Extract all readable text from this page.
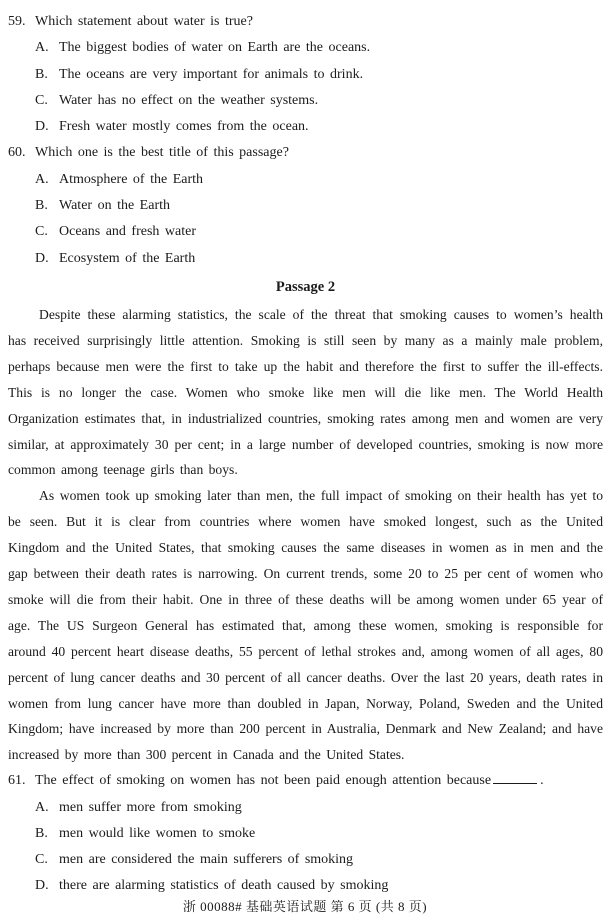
59. Which statement about water is true?
A. The biggest bodies of water on Earth are the oceans.
B. The oceans are very important for animals to drink.
C. Water has no effect on the weather systems.
D. Fresh water mostly comes from the ocean.
60. Which one is the best title of this passage?
A. Atmosphere of the Earth
B. Water on the Earth
C. Oceans and fresh water
D. Ecosystem of the Earth
Passage 2

Despite these alarming statistics, the scale of the threat that smoking causes to women’s health has received surprisingly little attention. Smoking is still seen by many as a mainly male problem, perhaps because men were the first to take up the habit and therefore the first to suffer the ill-effects. This is no longer the case. Women who smoke like men will die like men. The World Health Organization estimates that, in industrialized countries, smoking rates among men and women are very similar, at approximately 30 per cent; in a large number of developed countries, smoking is now more common among teenage girls than boys.

As women took up smoking later than men, the full impact of smoking on their health has yet to be seen. But it is clear from countries where women have smoked longest, such as the United Kingdom and the United States, that smoking causes the same diseases in women as in men and the gap between their death rates is narrowing. On current trends, some 20 to 25 per cent of women who smoke will die from their habit. One in three of these deaths will be among women under 65 year of age. The US Surgeon General has estimated that, among these women, smoking is responsible for around 40 percent heart disease deaths, 55 percent of lethal strokes and, among women of all ages, 80 percent of lung cancer deaths and 30 percent of all cancer deaths. Over the last 20 years, death rates in women from lung cancer have more than doubled in Japan, Norway, Poland, Sweden and the United Kingdom; have increased by more than 200 percent in Australia, Denmark and New Zealand; and have increased by more than 300 percent in Canada and the United States.

61. The effect of smoking on women has not been paid enough attention because	.
A. men suffer more from smoking
B. men would like women to smoke
C. men are considered the main sufferers of smoking
D. there are alarming statistics of death caused by smoking
浙 00088# 基础英语试题 第 6 页 (共 8 页)
